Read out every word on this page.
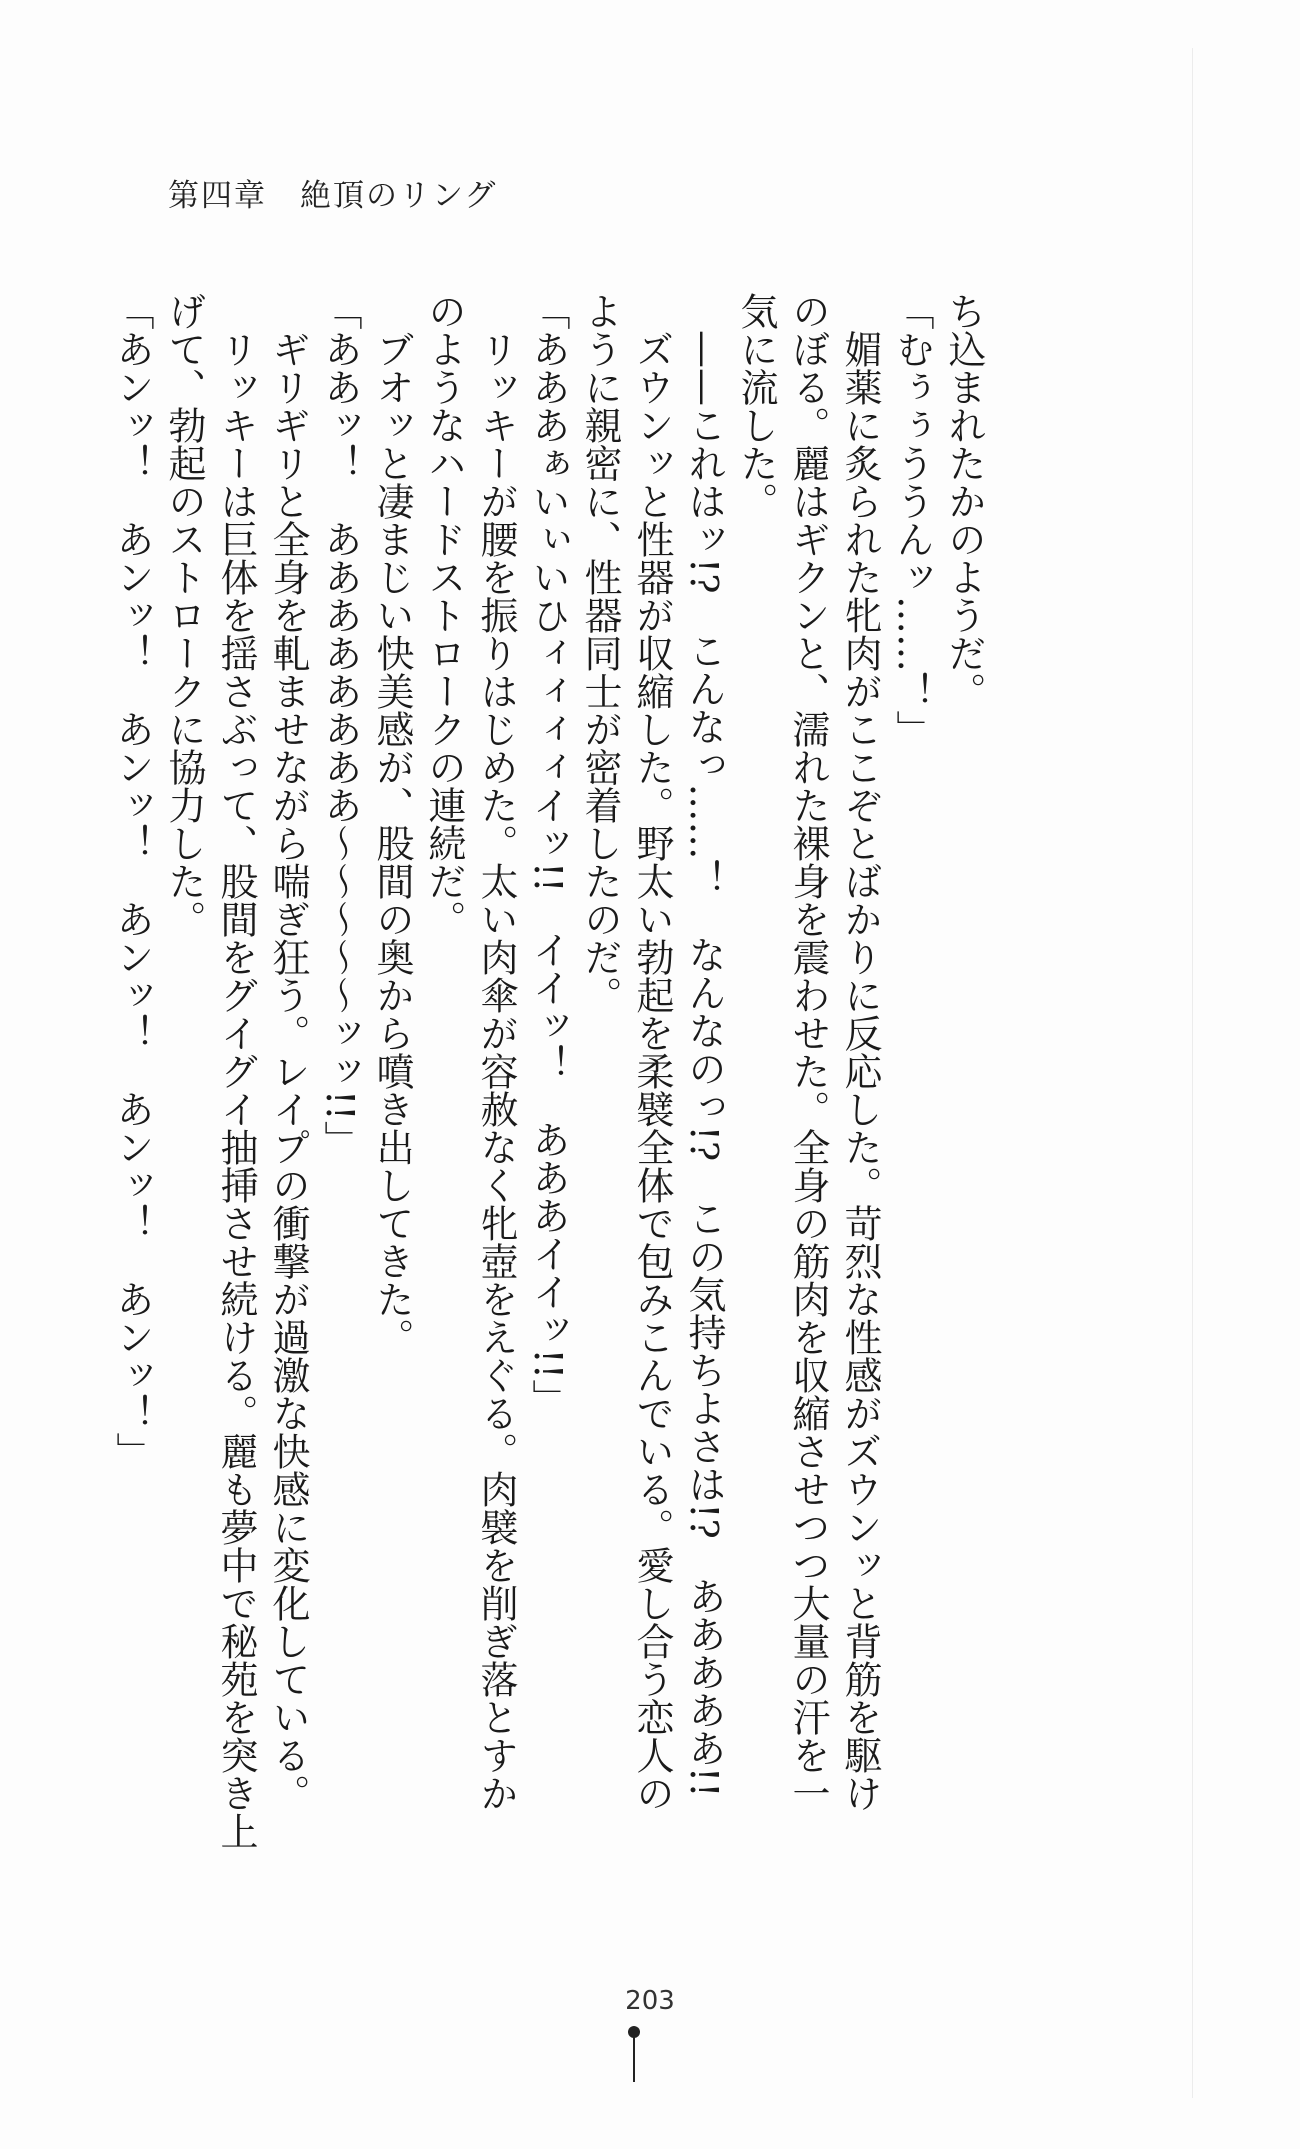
第四章　絶頂のリング
ち込まれたかのようだ。
「むぅぅううんッ……！」
　媚薬に炙られた牝肉がここぞとばかりに反応した。苛烈な性感がズウンッと背筋を駆け
のぼる。麗はギクンと、濡れた裸身を震わせた。全身の筋肉を収縮させつつ大量の汗を一
気に流した。
　——これはッ!?　こんなっ……！　なんなのっ!?　この気持ちよさは!?　あああああ!!
　ズウンッと性器が収縮した。野太い勃起を柔襞全体で包みこんでいる。愛し合う恋人の
ように親密に、性器同士が密着したのだ。
「あああぁいぃいひィィィィイッ!!　イイッ！　あああイイッ!!」
　リッキーが腰を振りはじめた。太い肉傘が容赦なく牝壺をえぐる。肉襞を削ぎ落とすか
のようなハードストロークの連続だ。
　ブオッと凄まじい快美感が、股間の奥から噴き出してきた。
「ああッ！　ああああああああ〜〜〜〜〜ッッ!!」
　ギリギリと全身を軋ませながら喘ぎ狂う。レイプの衝撃が過激な快感に変化している。
　リッキーは巨体を揺さぶって、股間をグイグイ抽挿させ続ける。麗も夢中で秘苑を突き上
げて、勃起のストロークに協力した。
「あンッ！　あンッ！　あンッ！　あンッ！　あンッ！　あンッ！」
203
